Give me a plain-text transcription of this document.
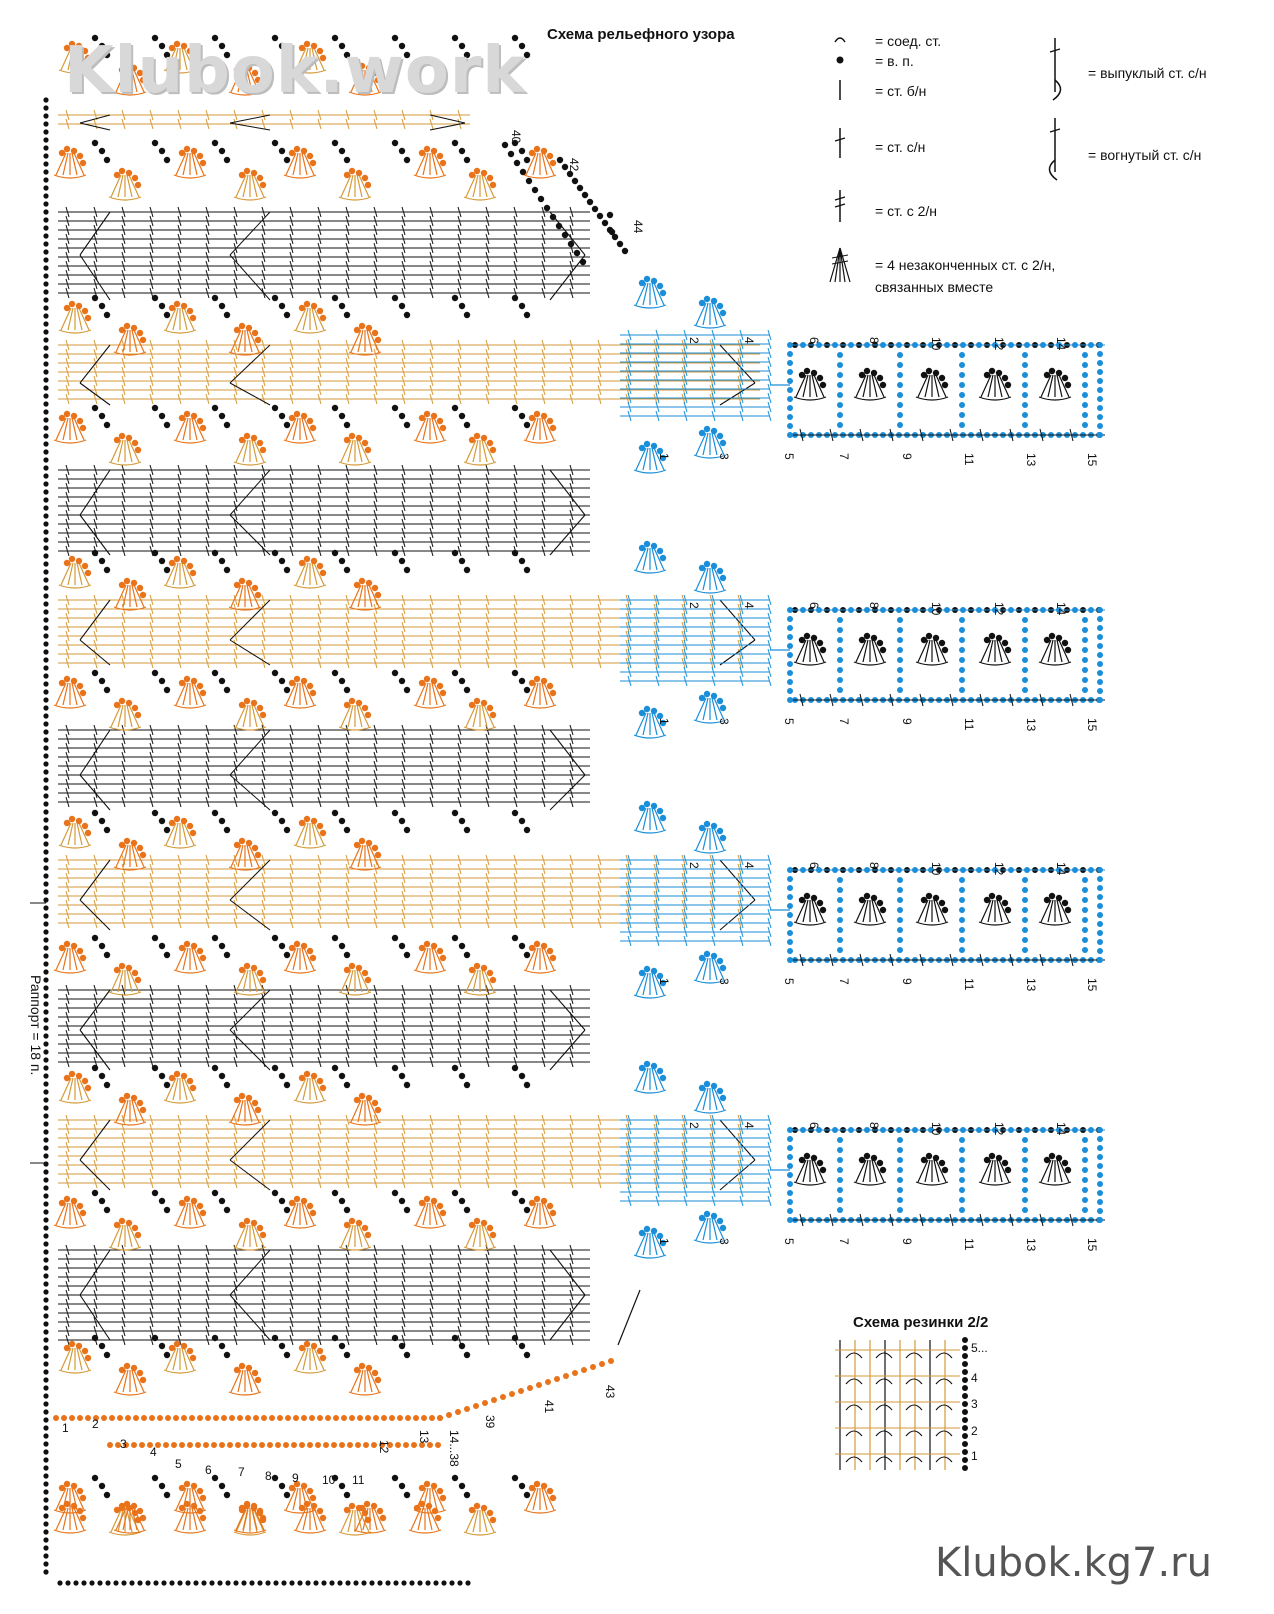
40
42
44
2	4	6	8	10	12	14
1	3	5	7	9	11	13	15
2	4	6	8	10	12	14
1	3	5	7	9	11	13	15
2	4	6	8	10	12	14
1	3	5	7	9	11	13	15
2	4	6	8	10	12	14
1	3	5	7	9	11	13	15
1 2
3
4
5 6 7 8 9 10 11
12
13 14...38
39
41
43
1
2
3
4
5...
Klubok.work
Klubok.kg7.ru
Схема рельефного узора
Схема резинки 2/2
Раппорт = 18 п.
= соед. ст.
= в. п.
= ст. б/н
= ст. с/н
= ст. с 2/н
= 4 незаконченных ст. с 2/н,
связанных вместе
= выпуклый ст. с/н
= вогнутый ст. с/н
